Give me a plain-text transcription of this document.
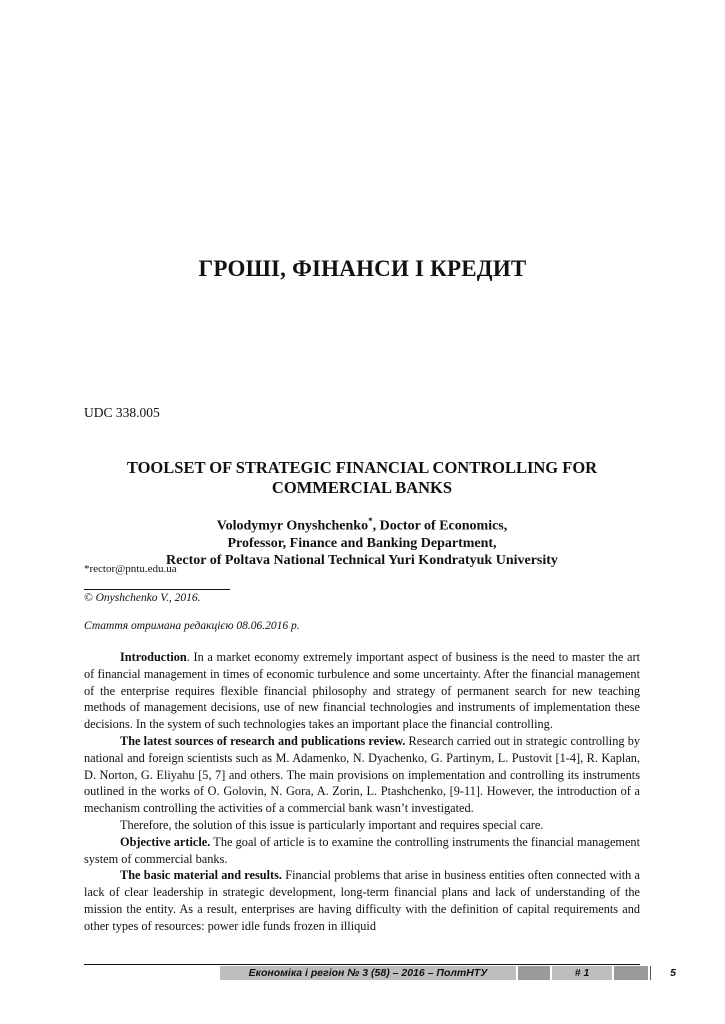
ГРОШІ, ФІНАНСИ І КРЕДИТ
UDC 338.005
TOOLSET OF STRATEGIC FINANCIAL CONTROLLING FOR
COMMERCIAL BANKS
Volodymyr Onyshchenko*, Doctor of Economics,
Professor, Finance and Banking Department,
Rector of Poltava National Technical Yuri Kondratyuk University
*rector@pntu.edu.ua
© Onyshchenko V., 2016.
Стаття отримана редакцією 08.06.2016 р.

Introduction. In a market economy extremely important aspect of business is the need to master the art of financial management in times of economic turbulence and some uncertainty. After the financial management of the enterprise requires flexible financial philosophy and strategy of permanent search for new teaching methods of management decisions, use of new financial technologies and instruments of implementation these decisions. In the system of such technologies takes an important place the financial controlling.

The latest sources of research and publications review. Research carried out in strategic controlling by national and foreign scientists such as M. Adamenko, N. Dyachenko, G. Partinym, L. Pustovit [1-4], R. Kaplan, D. Norton, G. Eliyahu [5, 7] and others. The main provisions on implementation and controlling its instruments outlined in the works of O. Golovin, N. Gora, A. Zorin, L. Ptashchenko, [9-11]. However, the introduction of a mechanism controlling the activities of a commercial bank wasn’t investigated.

Therefore, the solution of this issue is particularly important and requires special care.

Objective article. The goal of article is to examine the controlling instruments the financial management system of commercial banks.

The basic material and results. Financial problems that arise in business entities often connected with a lack of clear leadership in strategic development, long-term financial plans and lack of understanding of the mission the entity. As a result, enterprises are having difficulty with the definition of capital requirements and other types of resources: power idle funds frozen in illiquid

Економіка і регіон № 3 (58) – 2016 – ПолтНТУ	# 1	5
